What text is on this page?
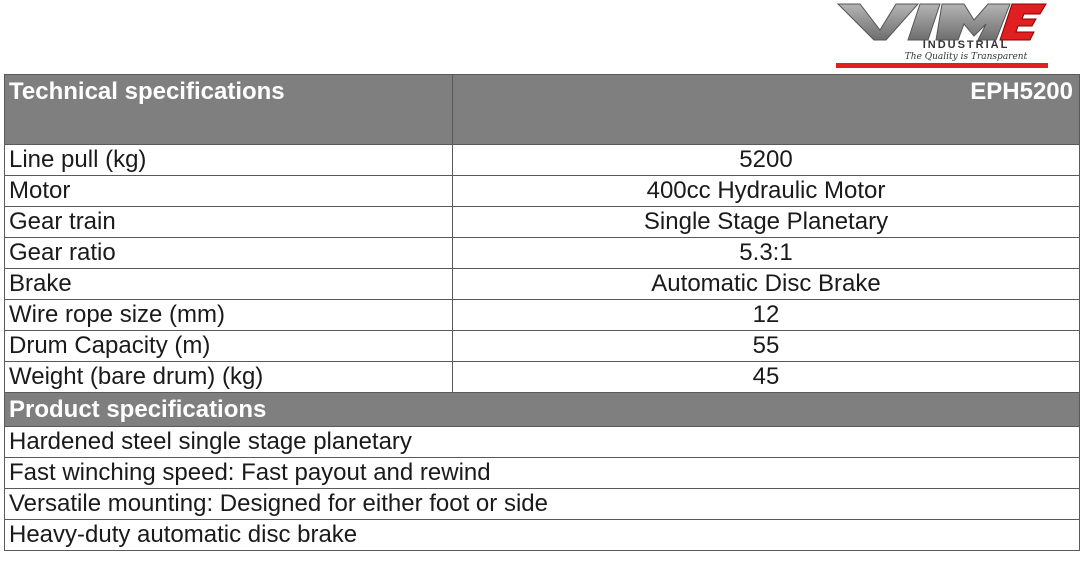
INDUSTRIAL
The Quality is Transparent
Technical specifications	EPH5200
Line pull (kg)	5200
Motor	400cc Hydraulic Motor
Gear train	Single Stage Planetary
Gear ratio	5.3:1
Brake	Automatic Disc Brake
Wire rope size (mm)	12
Drum Capacity (m)	55
Weight (bare drum) (kg)	45
Product specifications	
Hardened steel single stage planetary	
Fast winching speed: Fast payout and rewind	
Versatile mounting: Designed for either foot or side	
Heavy-duty automatic disc brake	
